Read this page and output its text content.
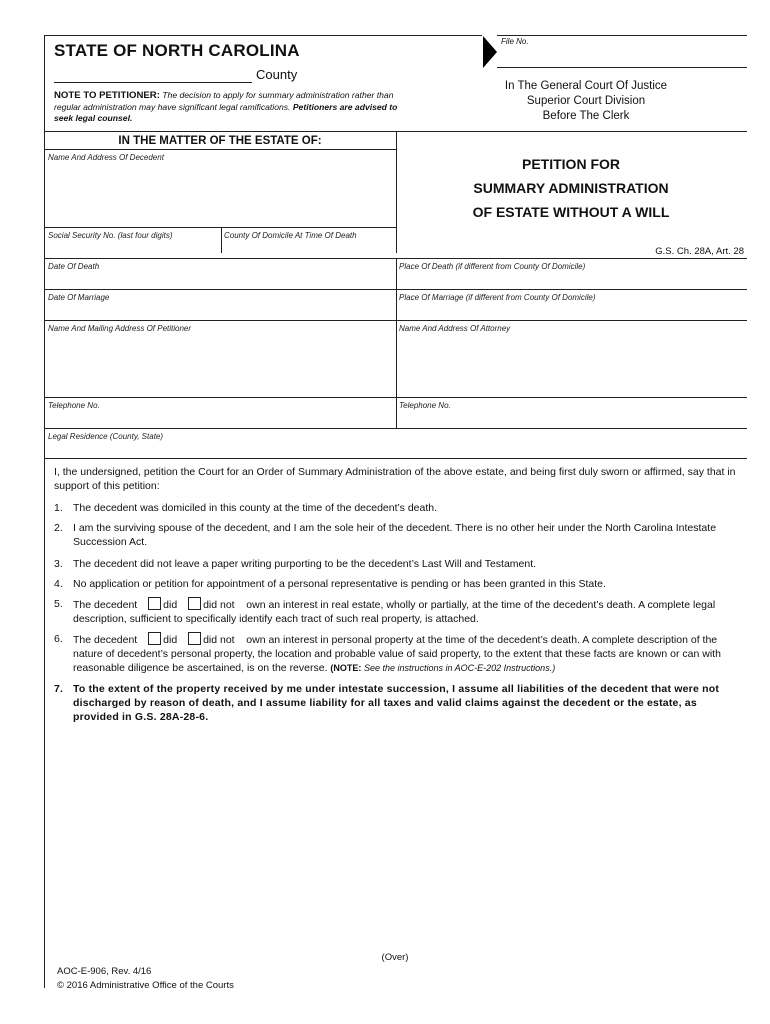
STATE OF NORTH CAROLINA
County
NOTE TO PETITIONER: The decision to apply for summary administration rather than regular administration may have significant legal ramifications. Petitioners are advised to seek legal counsel.
File No.
In The General Court Of Justice
Superior Court Division
Before The Clerk
IN THE MATTER OF THE ESTATE OF:
Name And Address Of Decedent	PETITION FOR
SUMMARY ADMINISTRATION
OF ESTATE WITHOUT A WILL
Social Security No. (last four digits)	County Of Domicile At Time Of Death
G.S. Ch. 28A, Art. 28
Date Of Death	Place Of Death (if different from County Of Domicile)
Date Of Marriage	Place Of Marriage (if different from County Of Domicile)
Name And Mailing Address Of Petitioner	Name And Address Of Attorney
Telephone No.	Telephone No.
Legal Residence (County, State)
I, the undersigned, petition the Court for an Order of Summary Administration of the above estate, and being first duly sworn or affirmed, say that in support of this petition:
1. The decedent was domiciled in this county at the time of the decedent’s death.
2. I am the surviving spouse of the decedent, and I am the sole heir of the decedent. There is no other heir under the North Carolina Intestate Succession Act.
3. The decedent did not leave a paper writing purporting to be the decedent’s Last Will and Testament.
4. No application or petition for appointment of a personal representative is pending or has been granted in this State.
5. The decedent did did not own an interest in real estate, wholly or partially, at the time of the decedent’s death. A complete legal description, sufficient to specifically identify each tract of such real property, is attached.
6. The decedent did did not own an interest in personal property at the time of the decedent’s death. A complete description of the nature of decedent’s personal property, the location and probable value of said property, to the extent that these facts are known or can with reasonable diligence be ascertained, is on the reverse. (NOTE: See the instructions in AOC-E-202 Instructions.)
7. To the extent of the property received by me under intestate succession, I assume all liabilities of the decedent that were not discharged by reason of death, and I assume liability for all taxes and valid claims against the decedent or the estate, as provided in G.S. 28A-28-6.
(Over)
AOC-E-906, Rev. 4/16
© 2016 Administrative Office of the Courts
